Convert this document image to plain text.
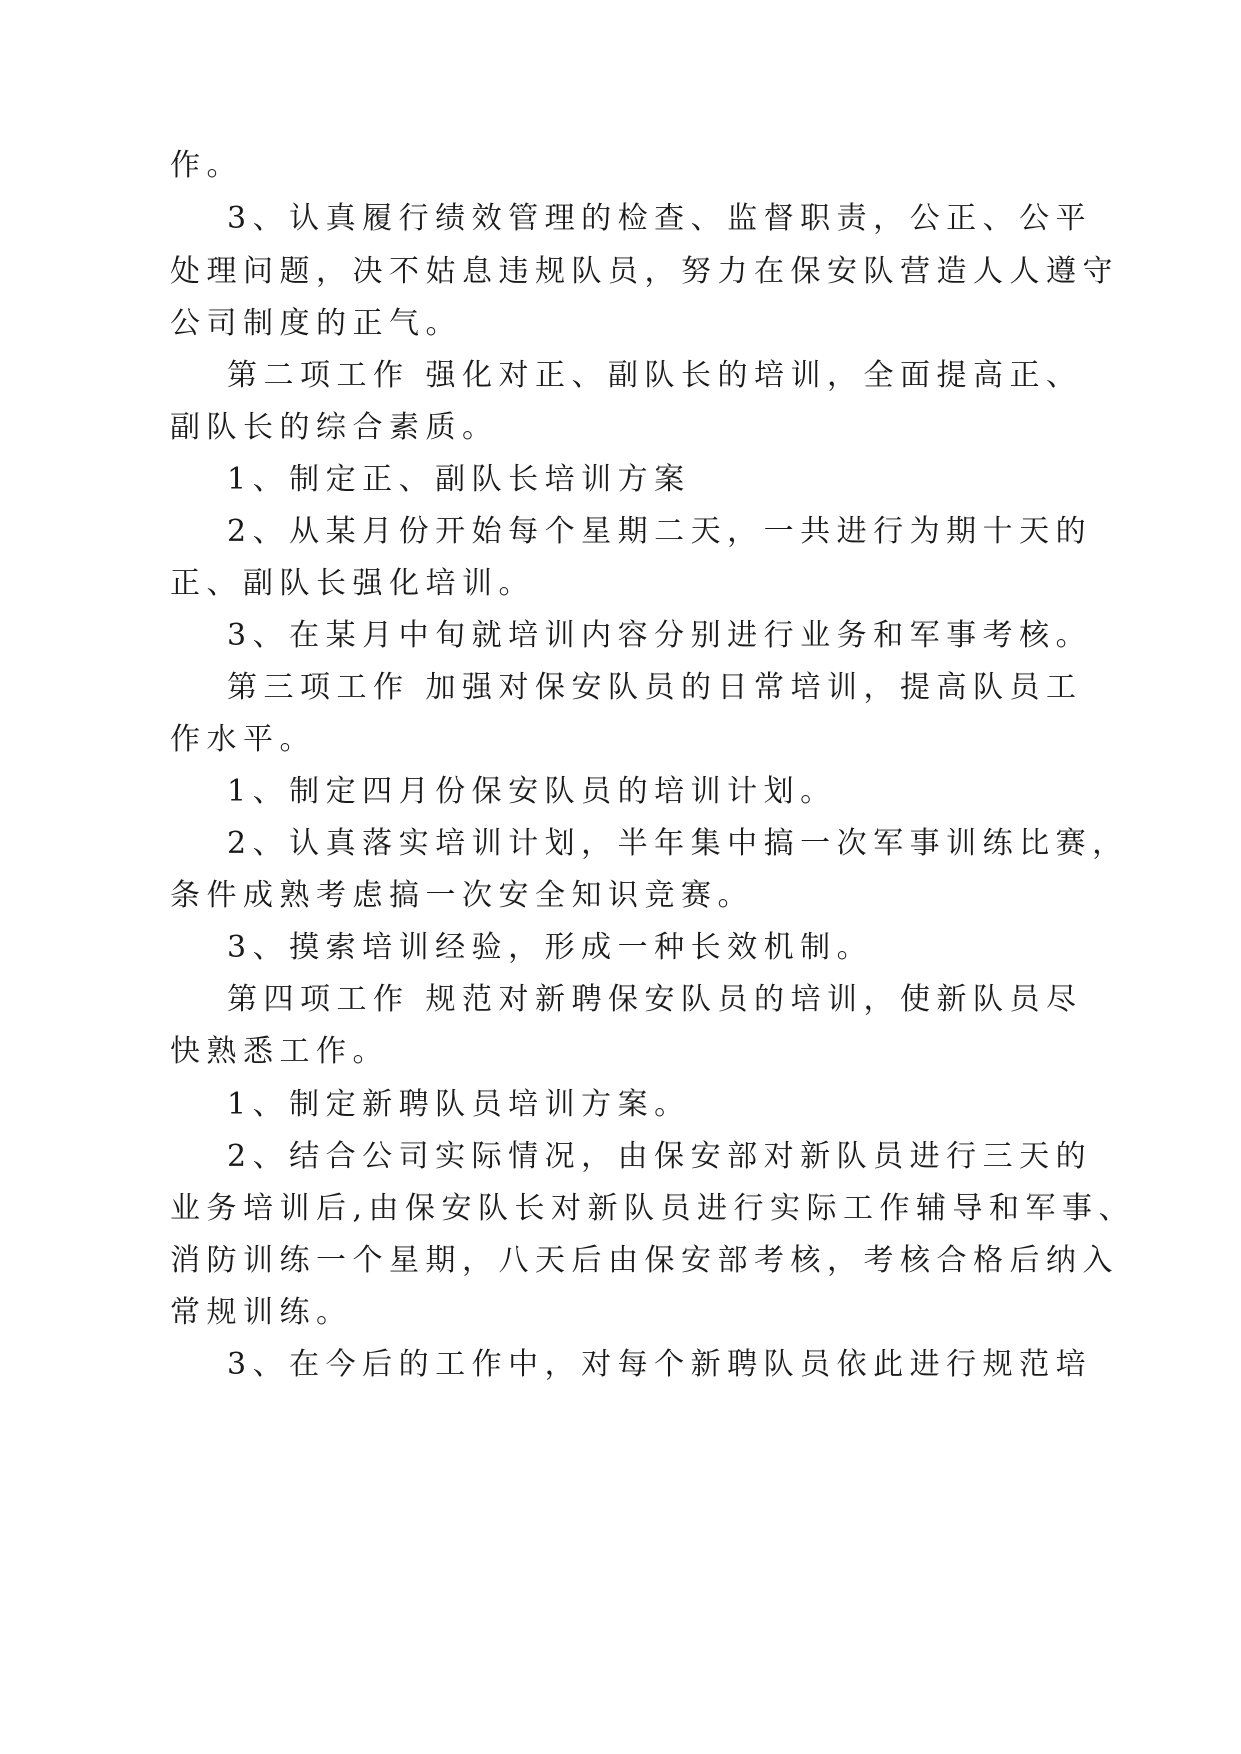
作。
3、认真履行绩效管理的检查、监督职责，公正、公平
处理问题，决不姑息违规队员，努力在保安队营造人人遵守
公司制度的正气。
第二项工作 强化对正、副队长的培训，全面提高正、
副队长的综合素质。
1、制定正、副队长培训方案
2、从某月份开始每个星期二天，一共进行为期十天的
正、副队长强化培训。
3、在某月中旬就培训内容分别进行业务和军事考核。
第三项工作 加强对保安队员的日常培训，提高队员工
作水平。
1、制定四月份保安队员的培训计划。
2、认真落实培训计划，半年集中搞一次军事训练比赛，
条件成熟考虑搞一次安全知识竞赛。
3、摸索培训经验，形成一种长效机制。
第四项工作 规范对新聘保安队员的培训，使新队员尽
快熟悉工作。
1、制定新聘队员培训方案。
2、结合公司实际情况，由保安部对新队员进行三天的
业务培训后,由保安队长对新队员进行实际工作辅导和军事、
消防训练一个星期，八天后由保安部考核，考核合格后纳入
常规训练。
3、在今后的工作中，对每个新聘队员依此进行规范培
